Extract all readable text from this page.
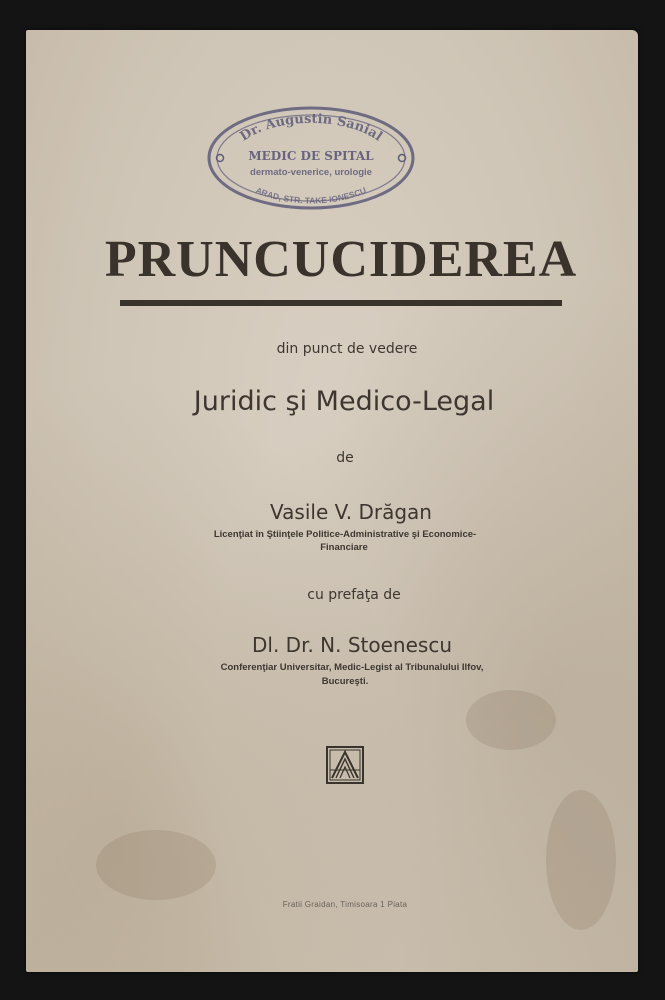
Dr. Augustin Sanial
MEDIC DE SPITAL
dermato-venerice, urologie
ARAD, STR. TAKE IONESCU
PRUNCUCIDEREA
din punct de vedere
Juridic şi Medico-Legal
de
Vasile V. Drăgan
Licenţiat în Ştiinţele Politice-Administrative şi Economice-
Financiare
cu prefaţa de
Dl. Dr. N. Stoenescu
Conferenţiar Universitar, Medic-Legist al Tribunalului Ilfov,
Bucureşti.
Fratii Graidan, Timisoara 1 Piata
